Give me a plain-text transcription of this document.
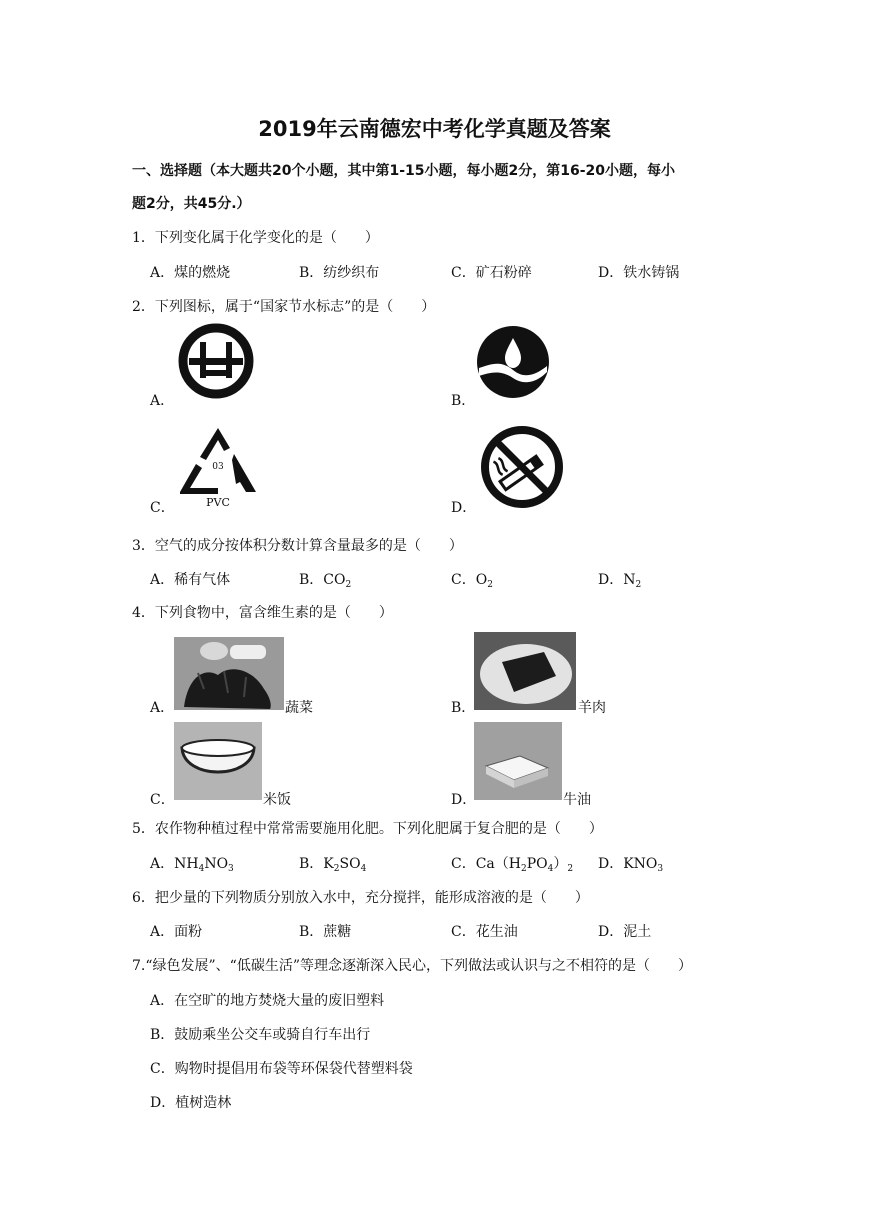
2019年云南德宏中考化学真题及答案
一、选择题（本大题共20个小题，其中第1-15小题，每小题2分，第16-20小题，每小
题2分，共45分.）
1．下列变化属于化学变化的是（　　）
A．煤的燃烧	B．纺纱织布	C．矿石粉碎	D．铁水铸锅
2．下列图标，属于“国家节水标志”的是（　　）
A．	B．
C．	D．
03
PVC
3．空气的成分按体积分数计算含量最多的是（　　）
A．稀有气体	B．$CO_2$	C．$O_2$	D．$N_2$
4．下列食物中，富含维生素的是（　　）
A．	蔬菜	B．	羊肉
C．	米饭	D．	牛油
5．农作物种植过程中常常需要施用化肥。下列化肥属于复合肥的是（　　）
A．$NH_4NO_3$	B．$K_2SO_4$	C．$Ca(H_2PO_4)_2$ D．$KNO_3$
6．把少量的下列物质分别放入水中，充分搅拌，能形成溶液的是（　　）
A．面粉	B．蔗糖	C．花生油	D．泥土
7.“绿色发展”、“低碳生活”等理念逐渐深入民心，下列做法或认识与之不相符的是（　　）
A．在空旷的地方焚烧大量的废旧塑料
B．鼓励乘坐公交车或骑自行车出行
C．购物时提倡用布袋等环保袋代替塑料袋
D．植树造林
